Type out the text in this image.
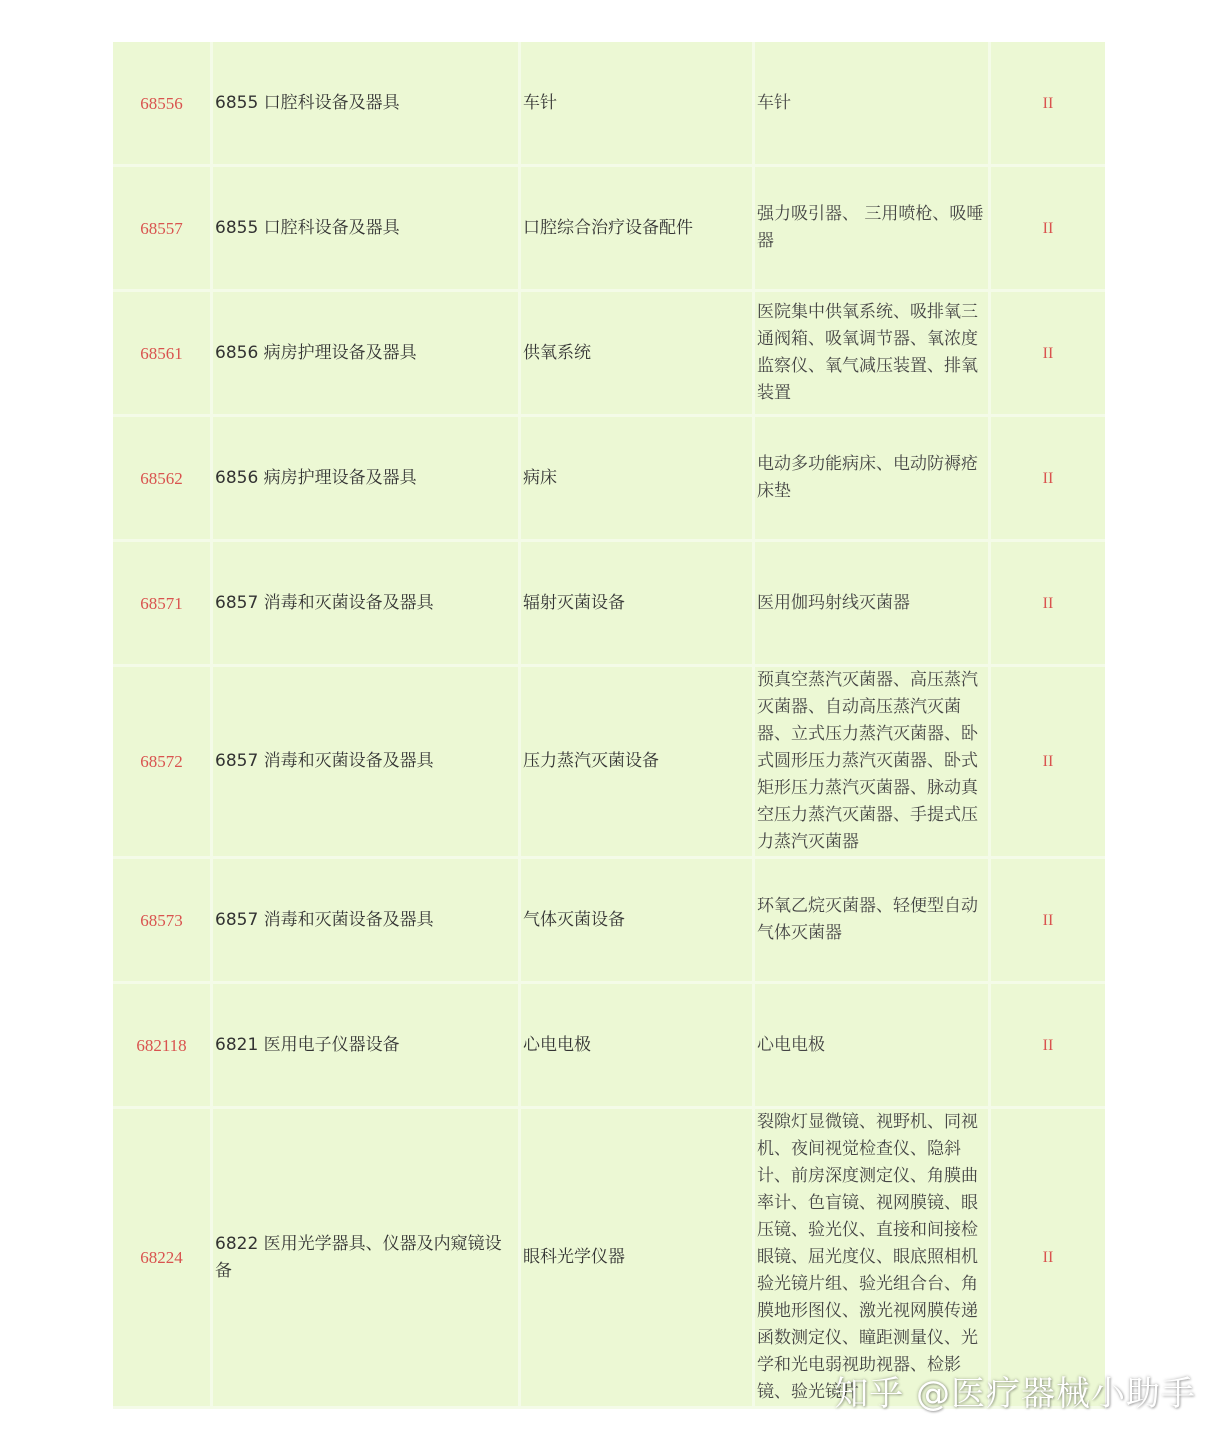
68556	6855 口腔科设备及器具	车针	车针	II
68557	6855 口腔科设备及器具	口腔综合治疗设备配件	强力吸引器、 三用喷枪、吸唾器	II
68561	6856 病房护理设备及器具	供氧系统	医院集中供氧系统、吸排氧三通阀箱、吸氧调节器、氧浓度监察仪、氧气减压装置、排氧装置	II
68562	6856 病房护理设备及器具	病床	电动多功能病床、电动防褥疮床垫	II
68571	6857 消毒和灭菌设备及器具	辐射灭菌设备	医用伽玛射线灭菌器	II
68572	6857 消毒和灭菌设备及器具	压力蒸汽灭菌设备	预真空蒸汽灭菌器、高压蒸汽灭菌器、自动高压蒸汽灭菌器、立式压力蒸汽灭菌器、卧式圆形压力蒸汽灭菌器、卧式矩形压力蒸汽灭菌器、脉动真空压力蒸汽灭菌器、手提式压力蒸汽灭菌器	II
68573	6857 消毒和灭菌设备及器具	气体灭菌设备	环氧乙烷灭菌器、轻便型自动气体灭菌器	II
682118	6821 医用电子仪器设备	心电电极	心电电极	II
68224	6822 医用光学器具、仪器及内窥镜设备	眼科光学仪器	裂隙灯显微镜、视野机、同视机、夜间视觉检查仪、隐斜计、前房深度测定仪、角膜曲率计、色盲镜、视网膜镜、眼压镜、验光仪、直接和间接检眼镜、屈光度仪、眼底照相机验光镜片组、验光组合台、角膜地形图仪、激光视网膜传递函数测定仪、瞳距测量仪、光学和光电弱视助视器、检影镜、验光镜片	II
知乎 @医疗器械小助手
